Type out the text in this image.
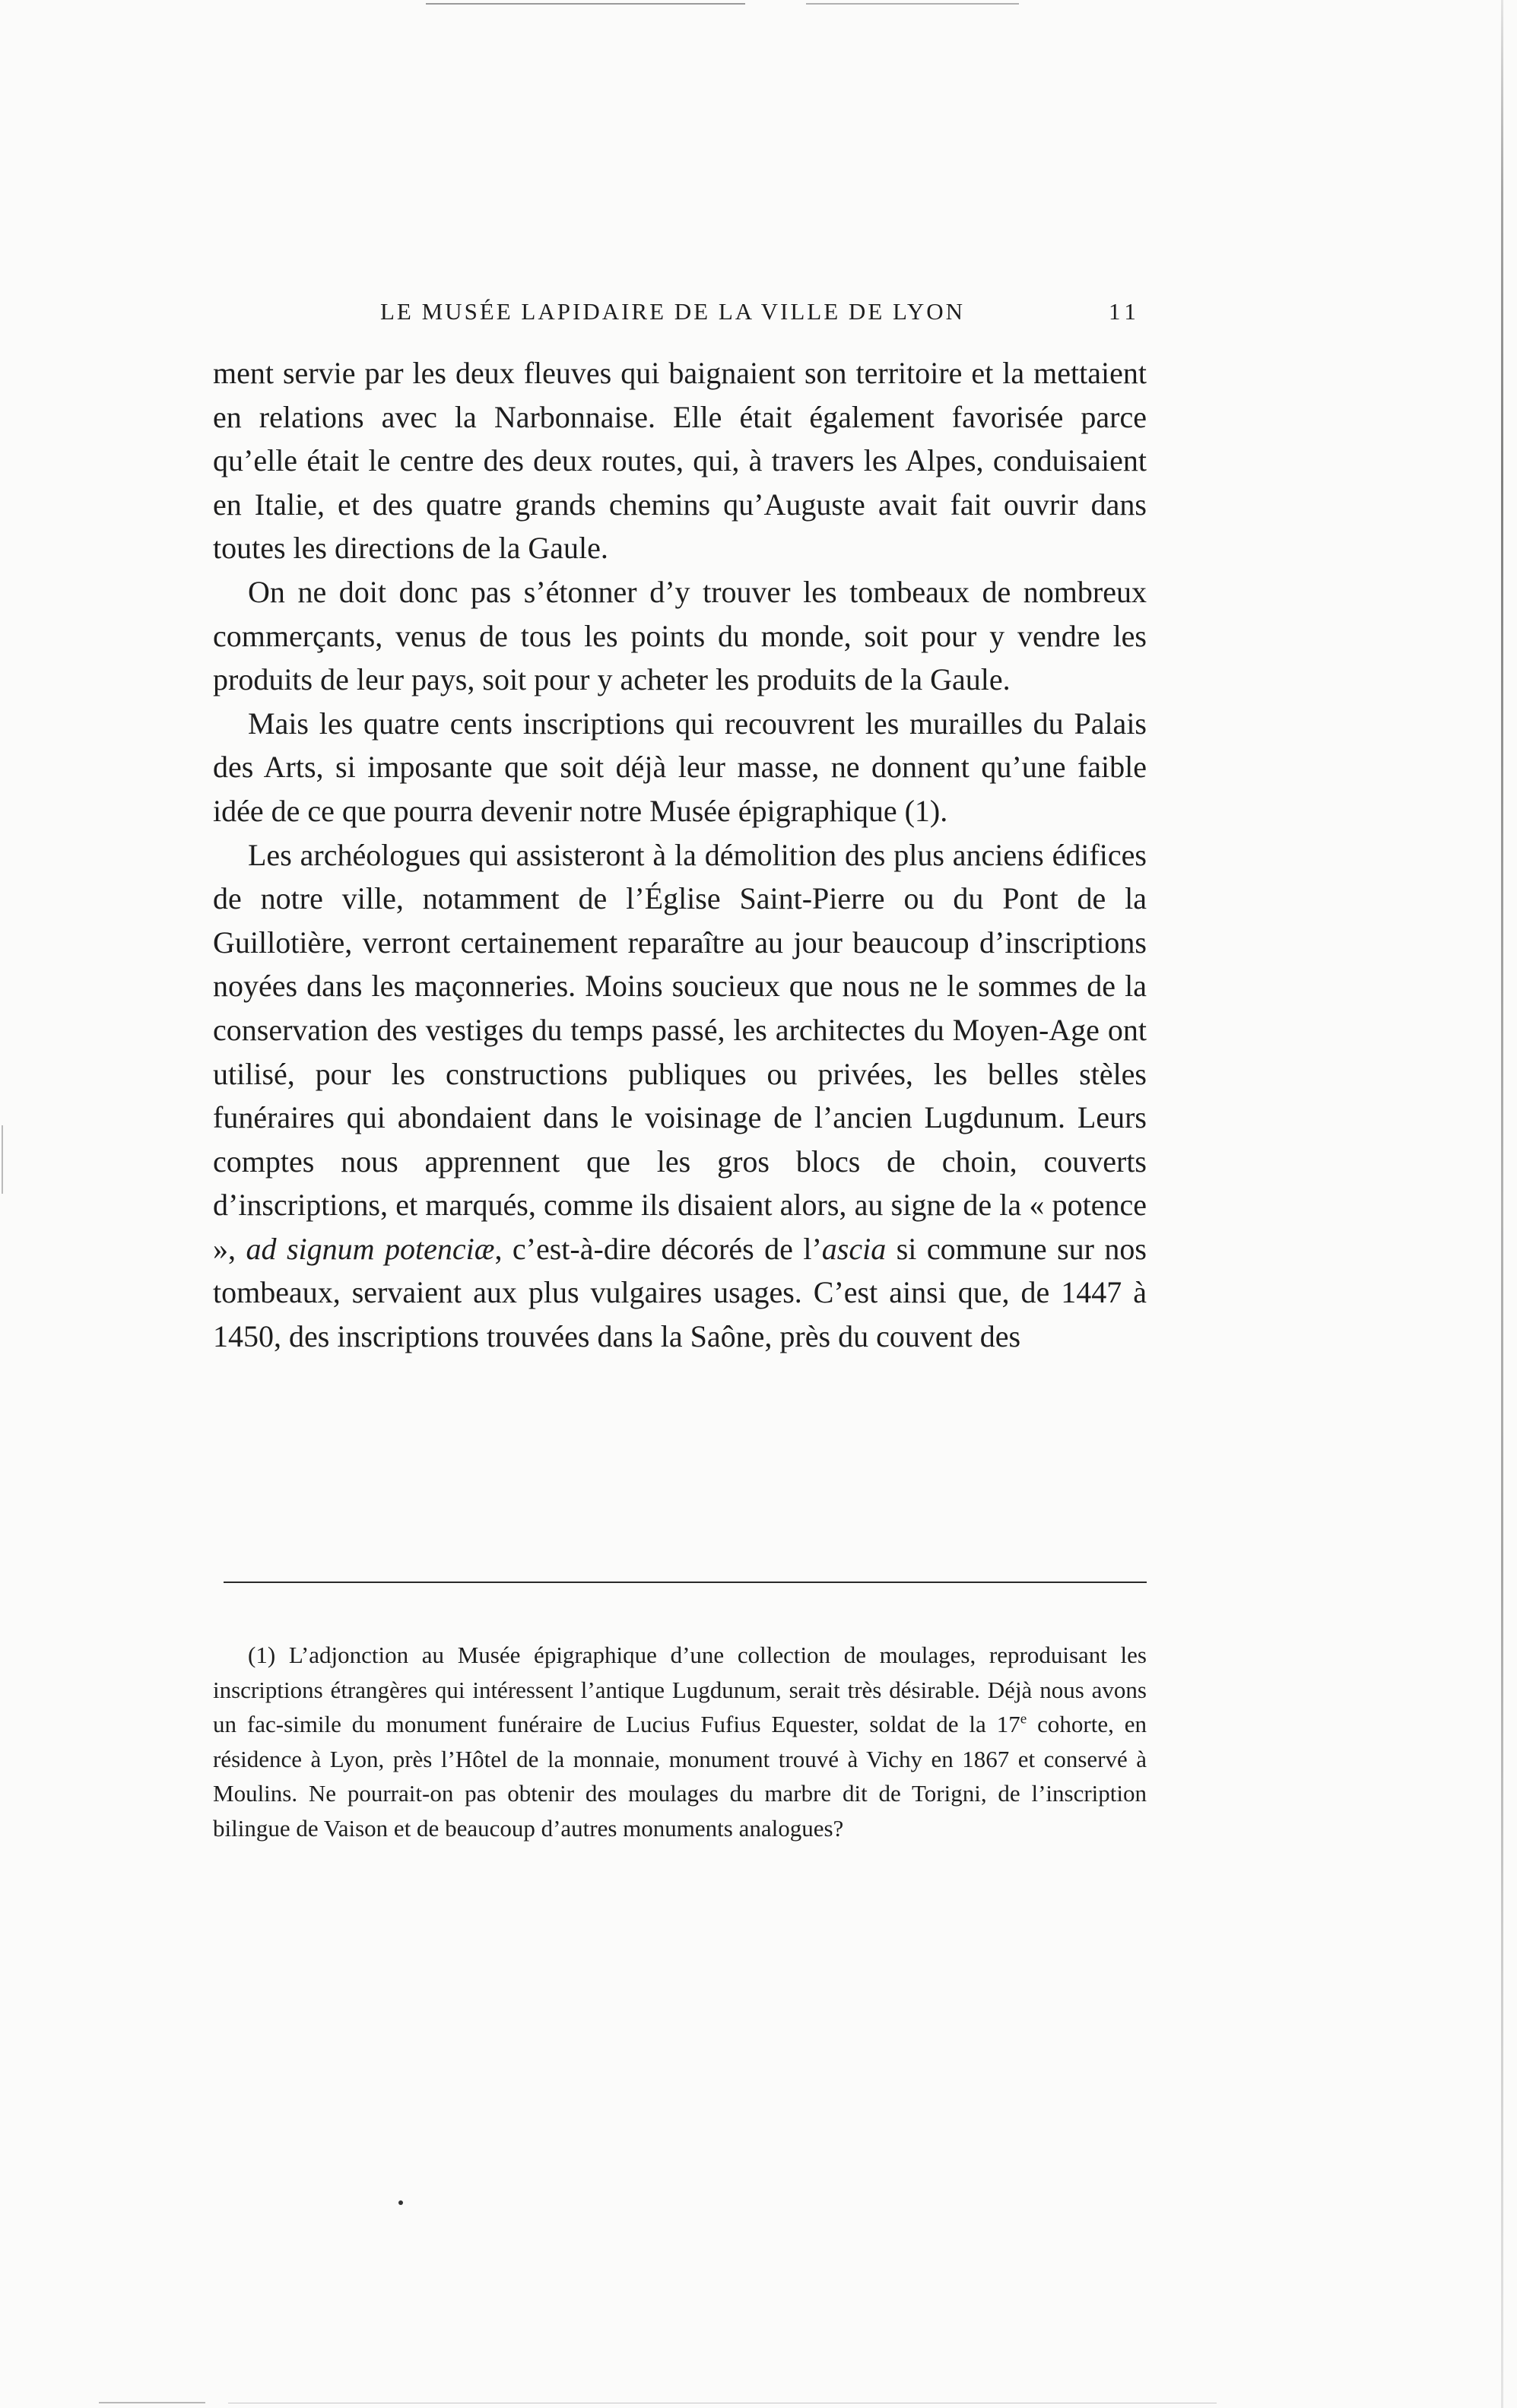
LE MUSÉE LAPIDAIRE DE LA VILLE DE LYON	11

ment servie par les deux fleuves qui baignaient son territoire et la mettaient en relations avec la Narbonnaise. Elle était également favorisée parce qu’elle était le centre des deux routes, qui, à travers les Alpes, conduisaient en Italie, et des quatre grands chemins qu’Auguste avait fait ouvrir dans toutes les directions de la Gaule.

On ne doit donc pas s’étonner d’y trouver les tombeaux de nombreux commerçants, venus de tous les points du monde, soit pour y vendre les produits de leur pays, soit pour y acheter les produits de la Gaule.

Mais les quatre cents inscriptions qui recouvrent les murailles du Palais des Arts, si imposante que soit déjà leur masse, ne donnent qu’une faible idée de ce que pourra devenir notre Musée épigraphique (1).

Les archéologues qui assisteront à la démolition des plus anciens édifices de notre ville, notamment de l’Église Saint-Pierre ou du Pont de la Guillotière, verront certainement reparaître au jour beaucoup d’inscriptions noyées dans les maçonneries. Moins soucieux que nous ne le sommes de la conservation des vestiges du temps passé, les architectes du Moyen-Age ont utilisé, pour les constructions publiques ou privées, les belles stèles funéraires qui abondaient dans le voisinage de l’ancien Lugdunum. Leurs comptes nous apprennent que les gros blocs de choin, couverts d’inscriptions, et marqués, comme ils disaient alors, au signe de la « potence », ad signum potenciæ, c’est-à-dire décorés de l’ascia si commune sur nos tombeaux, servaient aux plus vulgaires usages. C’est ainsi que, de 1447 à 1450, des inscriptions trouvées dans la Saône, près du couvent des

(1) L’adjonction au Musée épigraphique d’une collection de moulages, reproduisant les inscriptions étrangères qui intéressent l’antique Lugdunum, serait très désirable. Déjà nous avons un fac-simile du monument funéraire de Lucius Fufius Equester, soldat de la 17e cohorte, en résidence à Lyon, près l’Hôtel de la monnaie, monument trouvé à Vichy en 1867 et conservé à Moulins. Ne pourrait-on pas obtenir des moulages du marbre dit de Torigni, de l’inscription bilingue de Vaison et de beaucoup d’autres monuments analogues?
